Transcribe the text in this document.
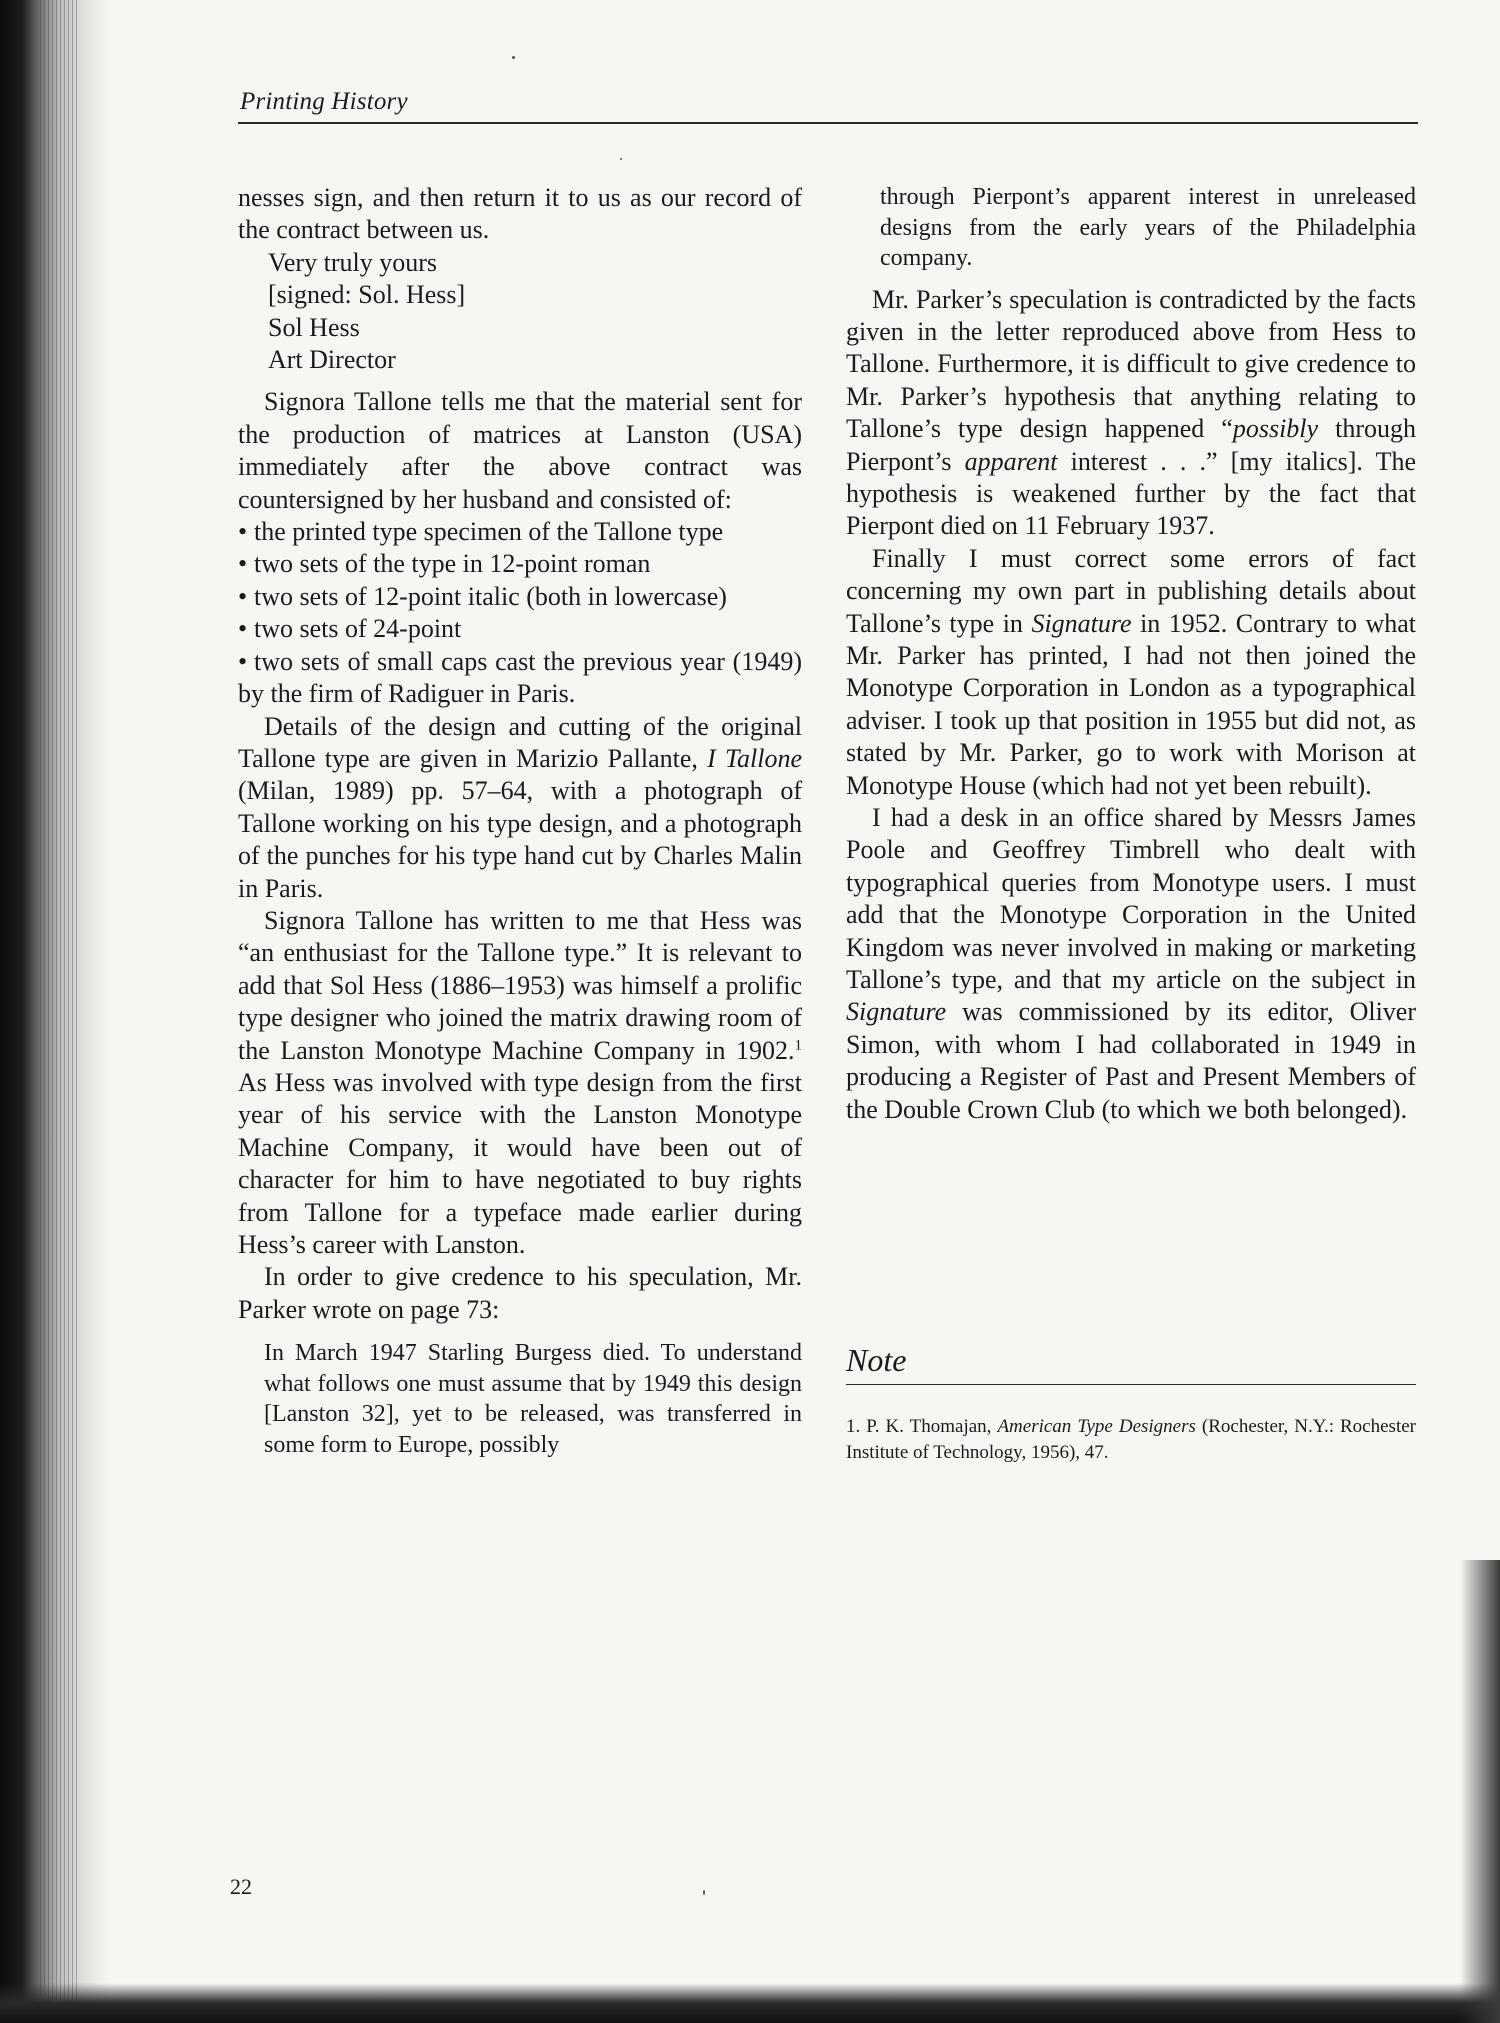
Printing History

nesses sign, and then return it to us as our record of the contract between us.

Very truly yours

[signed: Sol. Hess]

Sol Hess

Art Director

Signora Tallone tells me that the material sent for the production of matrices at Lanston (USA) immediately after the above contract was countersigned by her husband and consisted of:

• the printed type specimen of the Tallone type
• two sets of the type in 12-point roman
• two sets of 12-point italic (both in lowercase)
• two sets of 24-point
• two sets of small caps cast the previous year (1949) by the firm of Radiguer in Paris.

Details of the design and cutting of the original Tallone type are given in Marizio Pallante, I Tallone (Milan, 1989) pp. 57–64, with a photograph of Tallone working on his type design, and a photograph of the punches for his type hand cut by Charles Malin in Paris.

Signora Tallone has written to me that Hess was “an enthusiast for the Tallone type.” It is relevant to add that Sol Hess (1886–1953) was himself a prolific type designer who joined the matrix drawing room of the Lanston Monotype Machine Company in 1902.$^1$ As Hess was involved with type design from the first year of his service with the Lanston Monotype Machine Company, it would have been out of character for him to have negotiated to buy rights from Tallone for a typeface made earlier during Hess’s career with Lanston.

In order to give credence to his speculation, Mr. Parker wrote on page 73:

In March 1947 Starling Burgess died. To understand what follows one must assume that by 1949 this design [Lanston 32], yet to be released, was transferred in some form to Europe, possibly

through Pierpont’s apparent interest in unreleased designs from the early years of the Philadelphia company.

Mr. Parker’s speculation is contradicted by the facts given in the letter reproduced above from Hess to Tallone. Furthermore, it is difficult to give credence to Mr. Parker’s hypothesis that anything relating to Tallone’s type design happened “possibly through Pierpont’s apparent interest . . .” [my italics]. The hypothesis is weakened further by the fact that Pierpont died on 11 February 1937.

Finally I must correct some errors of fact concerning my own part in publishing details about Tallone’s type in Signature in 1952. Contrary to what Mr. Parker has printed, I had not then joined the Monotype Corporation in London as a typographical adviser. I took up that position in 1955 but did not, as stated by Mr. Parker, go to work with Morison at Monotype House (which had not yet been rebuilt).

I had a desk in an office shared by Messrs James Poole and Geoffrey Timbrell who dealt with typographical queries from Monotype users. I must add that the Monotype Corporation in the United Kingdom was never involved in making or marketing Tallone’s type, and that my article on the subject in Signature was commissioned by its editor, Oliver Simon, with whom I had collaborated in 1949 in producing a Register of Past and Present Members of the Double Crown Club (to which we both belonged).

Note
1. P. K. Thomajan, American Type Designers (Rochester, N.Y.: Rochester Institute of Technology, 1956), 47.
22
